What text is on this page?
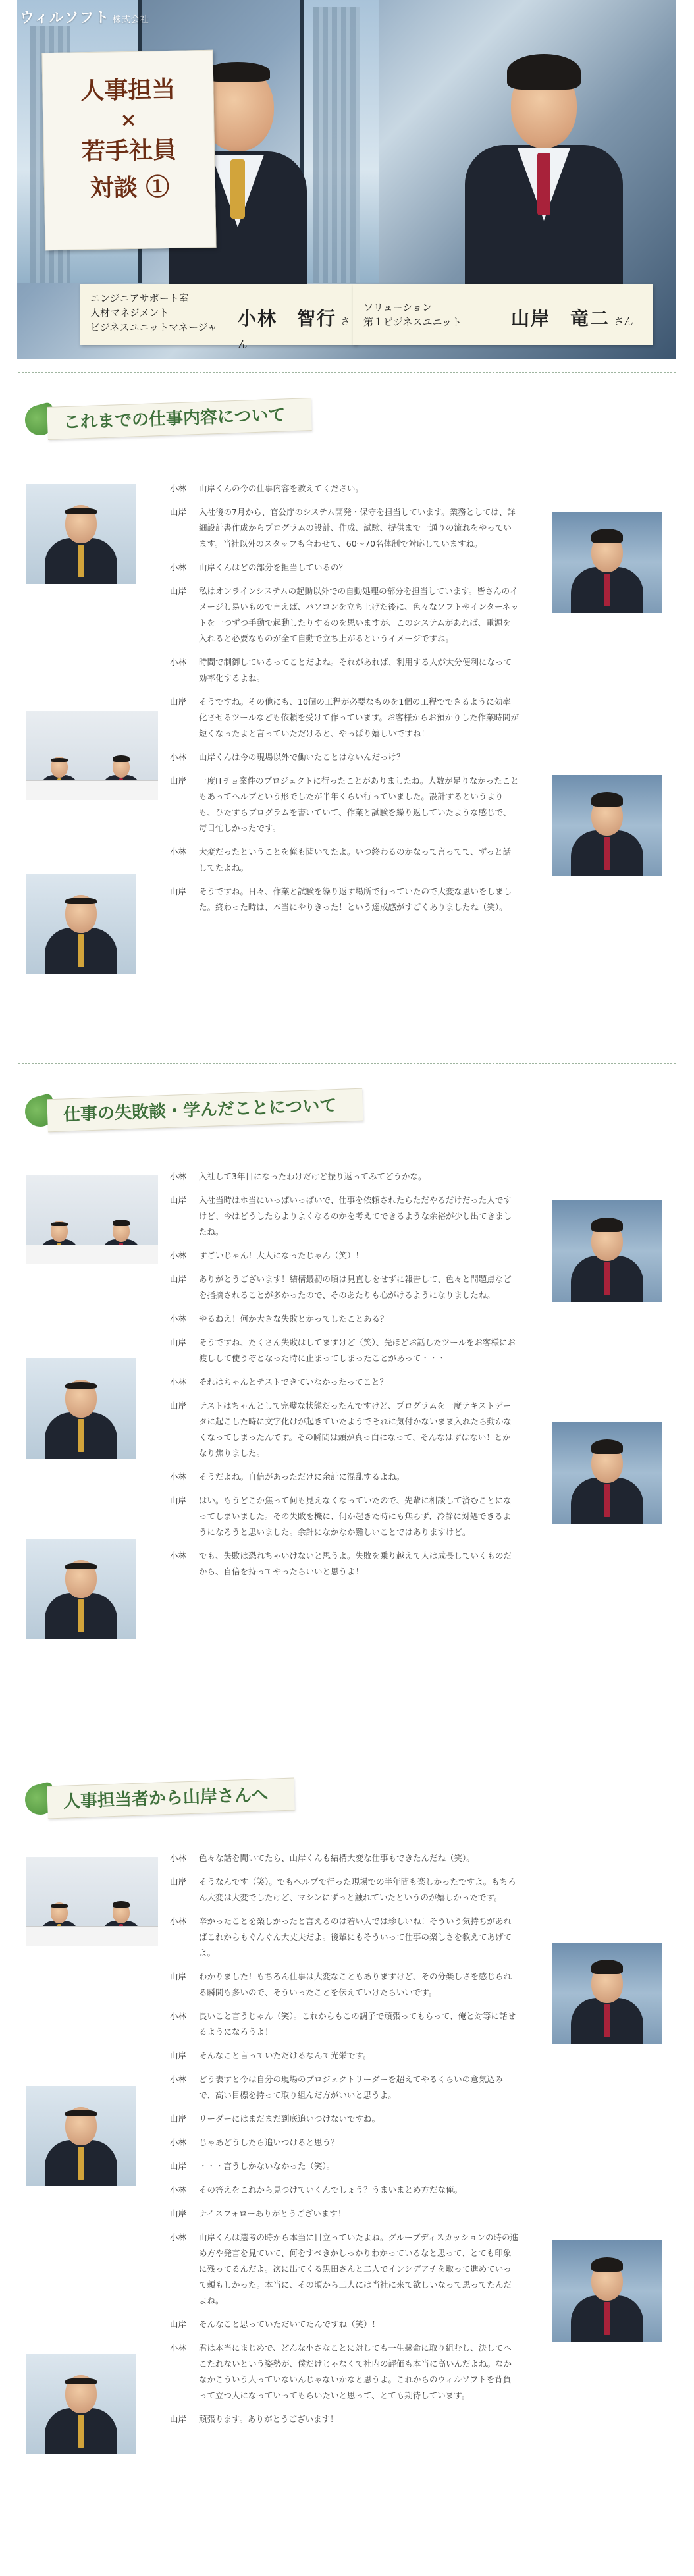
ウィルソフト 株式会社
人事担当
×
若手社員
対談 ①
エンジニアサポート室
人材マネジメント
ビジネスユニットマネージャ 小林　智行 さん
ソリューション
第１ビジネスユニット	山岸　竜二 さん
これまでの仕事内容について
小林	山岸くんの今の仕事内容を教えてください。
山岸	入社後の7月から、官公庁のシステム開発・保守を担当しています。業務としては、詳細設計書作成からプログラムの設計、作成、試験、提供まで一通りの流れをやっています。当社以外のスタッフも合わせて、60～70名体制で対応していますね。
小林	山岸くんはどの部分を担当しているの？
山岸	私はオンラインシステムの起動以外での自動処理の部分を担当しています。皆さんのイメージし易いもので言えば、パソコンを立ち上げた後に、色々なソフトやインターネットを一つずつ手動で起動したりするのを思いますが、このシステムがあれば、電源を入れると必要なものが全て自動で立ち上がるというイメージですね。
小林	時間で制御しているってことだよね。それがあれば、利用する人が大分便利になって効率化するよね。
山岸	そうですね。その他にも、10個の工程が必要なものを1個の工程でできるように効率化させるツールなども依頼を受けて作っています。お客様からお預かりした作業時間が短くなったよと言っていただけると、やっぱり嬉しいですね！
小林	山岸くんは今の現場以外で働いたことはないんだっけ？
山岸	一度ITチョ案件のプロジェクトに行ったことがありましたね。人数が足りなかったこともあってヘルプという形でしたが半年くらい行っていました。設計するというよりも、ひたすらプログラムを書いていて、作業と試験を繰り返していたような感じで、毎日忙しかったです。
小林	大変だったということを俺も聞いてたよ。いつ終わるのかなって言ってて、ずっと話してたよね。
山岸	そうですね。日々、作業と試験を繰り返す場所で行っていたので大変な思いをしました。終わった時は、本当にやりきった！という達成感がすごくありましたね（笑）。
仕事の失敗談・学んだことについて
小林	入社して3年目になったわけだけど振り返ってみてどうかな。
山岸	入社当時はホ当にいっぱいっぱいで、仕事を依頼されたらただやるだけだった人ですけど、今はどうしたらよりよくなるのかを考えてできるような余裕が少し出てきましたね。
小林	すごいじゃん！大人になったじゃん（笑）！
山岸	ありがとうございます！結構最初の頃は見直しをせずに報告して、色々と問題点などを指摘されることが多かったので、そのあたりも心がけるようになりましたね。
小林	やるねえ！何か大きな失敗とかってしたことある？
山岸	そうですね、たくさん失敗はしてますけど（笑）、先ほどお話したツールをお客様にお渡しして使うぞとなった時に止まってしまったことがあって・・・
小林	それはちゃんとテストできていなかったってこと？
山岸	テストはちゃんとして完璧な状態だったんですけど、プログラムを一度テキストデータに起こした時に文字化けが起きていたようでそれに気付かないまま入れたら動かなくなってしまったんです。その瞬間は頭が真っ白になって、そんなはずはない！とかなり焦りました。
小林	そうだよね。自信があっただけに余計に混乱するよね。
山岸	はい。もうどこか焦って何も見えなくなっていたので、先輩に相談して済むことになってしまいました。その失敗を機に、何か起きた時にも焦らず、冷静に対処できるようになろうと思いました。余計になかなか難しいことではありますけど。
小林	でも、失敗は恐れちゃいけないと思うよ。失敗を乗り越えて人は成長していくものだから、自信を持ってやったらいいと思うよ！
人事担当者から山岸さんへ
小林	色々な話を聞いてたら、山岸くんも結構大変な仕事もできたんだね（笑）。
山岸	そうなんです（笑）。でもヘルプで行った現場での半年間も楽しかったですよ。もちろん大変は大変でしたけど、マシンにずっと触れていたというのが嬉しかったです。
小林	辛かったことを楽しかったと言えるのは若い人では珍しいね！そういう気持ちがあればこれからもぐんぐん大丈夫だよ。後輩にもそういって仕事の楽しさを教えてあげてよ。
山岸	わかりました！もちろん仕事は大変なこともありますけど、その分楽しさを感じられる瞬間も多いので、そういったことを伝えていけたらいいです。
小林	良いこと言うじゃん（笑）。これからもこの調子で頑張ってもらって、俺と対等に話せるようになろうよ！
山岸	そんなこと言っていただけるなんて光栄です。
小林	どう表すと今は自分の現場のプロジェクトリーダーを超えてやるくらいの意気込みで、高い目標を持って取り組んだ方がいいと思うよ。
山岸	リーダーにはまだまだ到底追いつけないですね。
小林	じゃあどうしたら追いつけると思う？
山岸	・・・言うしかないなかった（笑）。
小林	その答えをこれから見つけていくんでしょう？うまいまとめ方だな俺。
山岸	ナイスフォローありがとうございます！
小林	山岸くんは選考の時から本当に目立っていたよね。グループディスカッションの時の進め方や発言を見ていて、何をすべきかしっかりわかっているなと思って、とても印象に残ってるんだよ。次に出てくる黒田さんと二人でインシデアチを取って進めていって頼もしかった。本当に、その頃から二人には当社に来て欲しいなって思ってたんだよね。
山岸	そんなこと思っていただいてたんですね（笑）！
小林	君は本当にまじめで、どんな小さなことに対しても一生懸命に取り組むし、決してへこたれないという姿勢が、僕だけじゃなくて社内の評価も本当に高いんだよね。なかなかこういう人っていないんじゃないかなと思うよ。これからのウィルソフトを背負って立つ人になっていってもらいたいと思って、とても期待しています。
山岸	頑張ります。ありがとうございます！
